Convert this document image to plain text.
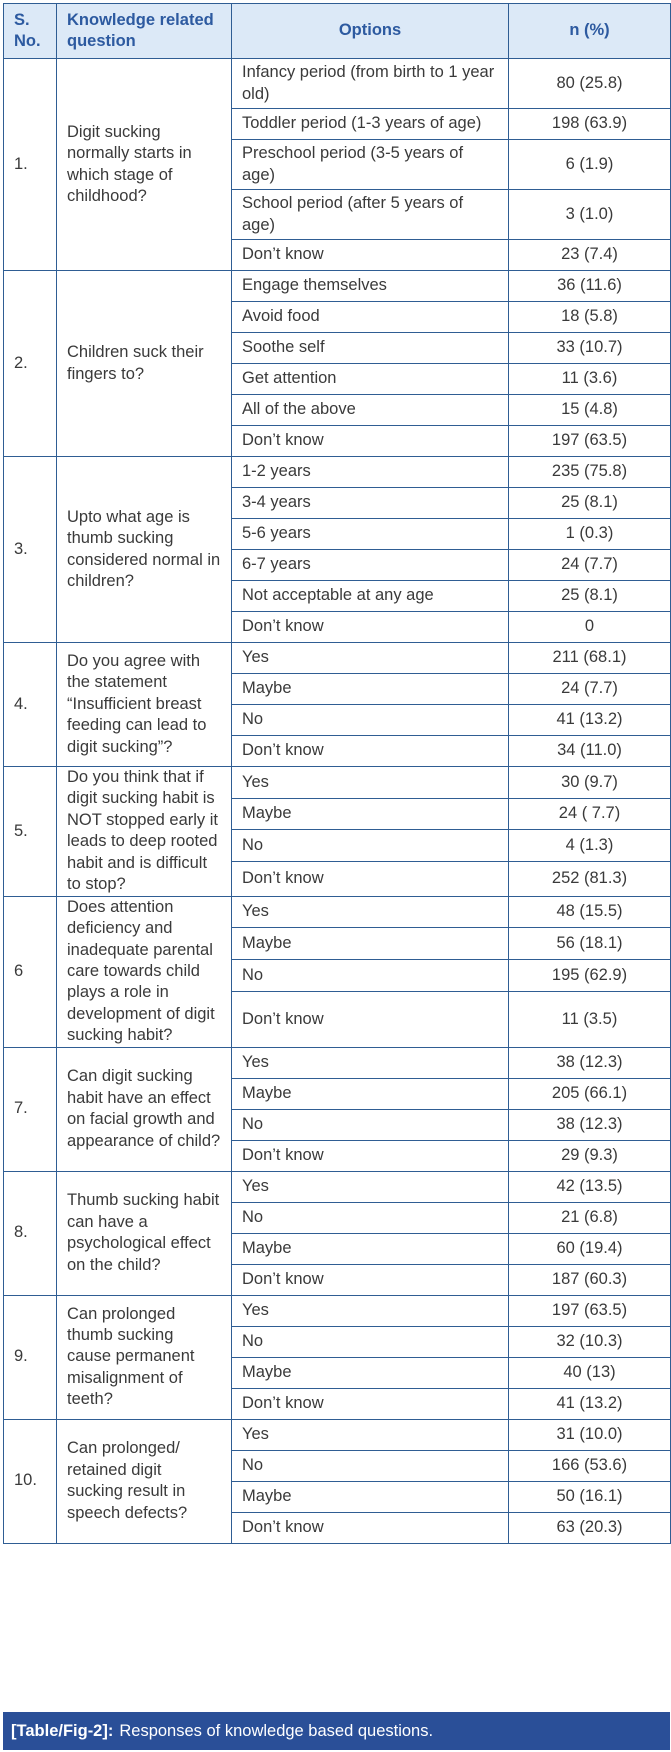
S. No.	Knowledge related question	Options	n (%)
1.	Digit sucking normally starts in which stage of childhood?	Infancy period (from birth to 1 year old)	80 (25.8)
		Toddler period (1-3 years of age)	198 (63.9)
		Preschool period (3-5 years of age)	6 (1.9)
		School period (after 5 years of age)	3 (1.0)
		Don’t know	23 (7.4)
2.	Children suck their fingers to?	Engage themselves	36 (11.6)
		Avoid food	18 (5.8)
		Soothe self	33 (10.7)
		Get attention	11 (3.6)
		All of the above	15 (4.8)
		Don’t know	197 (63.5)
3.	Upto what age is thumb sucking considered normal in children?	1-2 years	235 (75.8)
		3-4 years	25 (8.1)
		5-6 years	1 (0.3)
		6-7 years	24 (7.7)
		Not acceptable at any age	25 (8.1)
		Don’t know	0
4.	Do you agree with the statement “Insufficient breast feeding can lead to digit sucking”?	Yes	211 (68.1)
		Maybe	24 (7.7)
		No	41 (13.2)
		Don’t know	34 (11.0)
5.	Do you think that if digit sucking habit is NOT stopped early it leads to deep rooted habit and is difficult to stop?	Yes	30 (9.7)
		Maybe	24 ( 7.7)
		No	4 (1.3)
		Don’t know	252 (81.3)
6	Does attention deficiency and inadequate parental care towards child plays a role in development of digit sucking habit?	Yes	48 (15.5)
		Maybe	56 (18.1)
		No	195 (62.9)
		Don’t know	11 (3.5)
7.	Can digit sucking habit have an effect on facial growth and appearance of child?	Yes	38 (12.3)
		Maybe	205 (66.1)
		No	38 (12.3)
		Don’t know	29 (9.3)
8.	Thumb sucking habit can have a psychological effect on the child?	Yes	42 (13.5)
		No	21 (6.8)
		Maybe	60 (19.4)
		Don’t know	187 (60.3)
9.	Can prolonged thumb sucking cause permanent misalignment of teeth?	Yes	197 (63.5)
		No	32 (10.3)
		Maybe	40 (13)
		Don’t know	41 (13.2)
10.	Can prolonged/ retained digit sucking result in speech defects?	Yes	31 (10.0)
		No	166 (53.6)
		Maybe	50 (16.1)
		Don’t know	63 (20.3)
[Table/Fig-2]: Responses of knowledge based questions.
